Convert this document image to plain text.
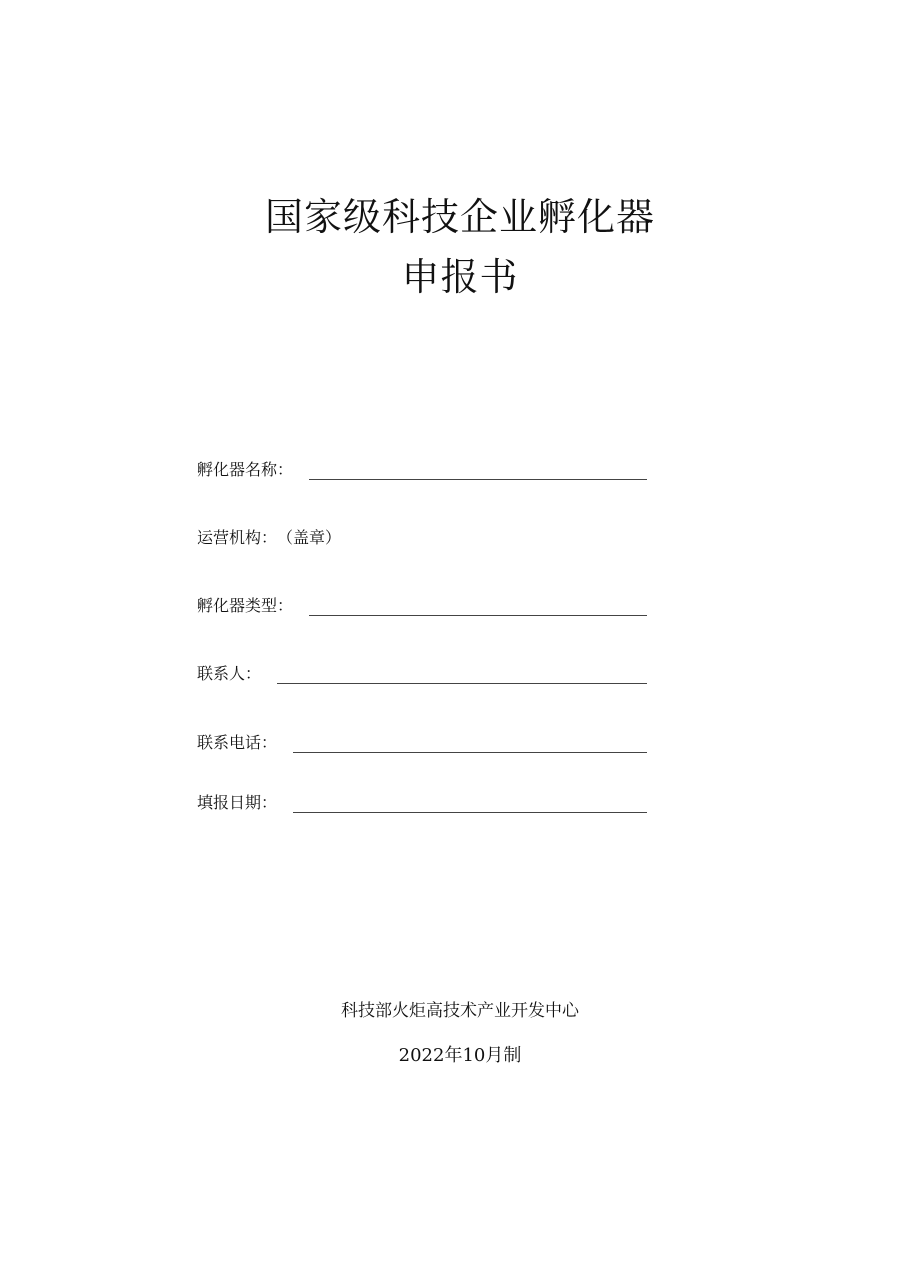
国家级科技企业孵化器
申报书
孵化器名称：
运营机构： （盖章）
孵化器类型：
联系人：
联系电话：
填报日期：
科技部火炬高技术产业开发中心
2022年10月制
